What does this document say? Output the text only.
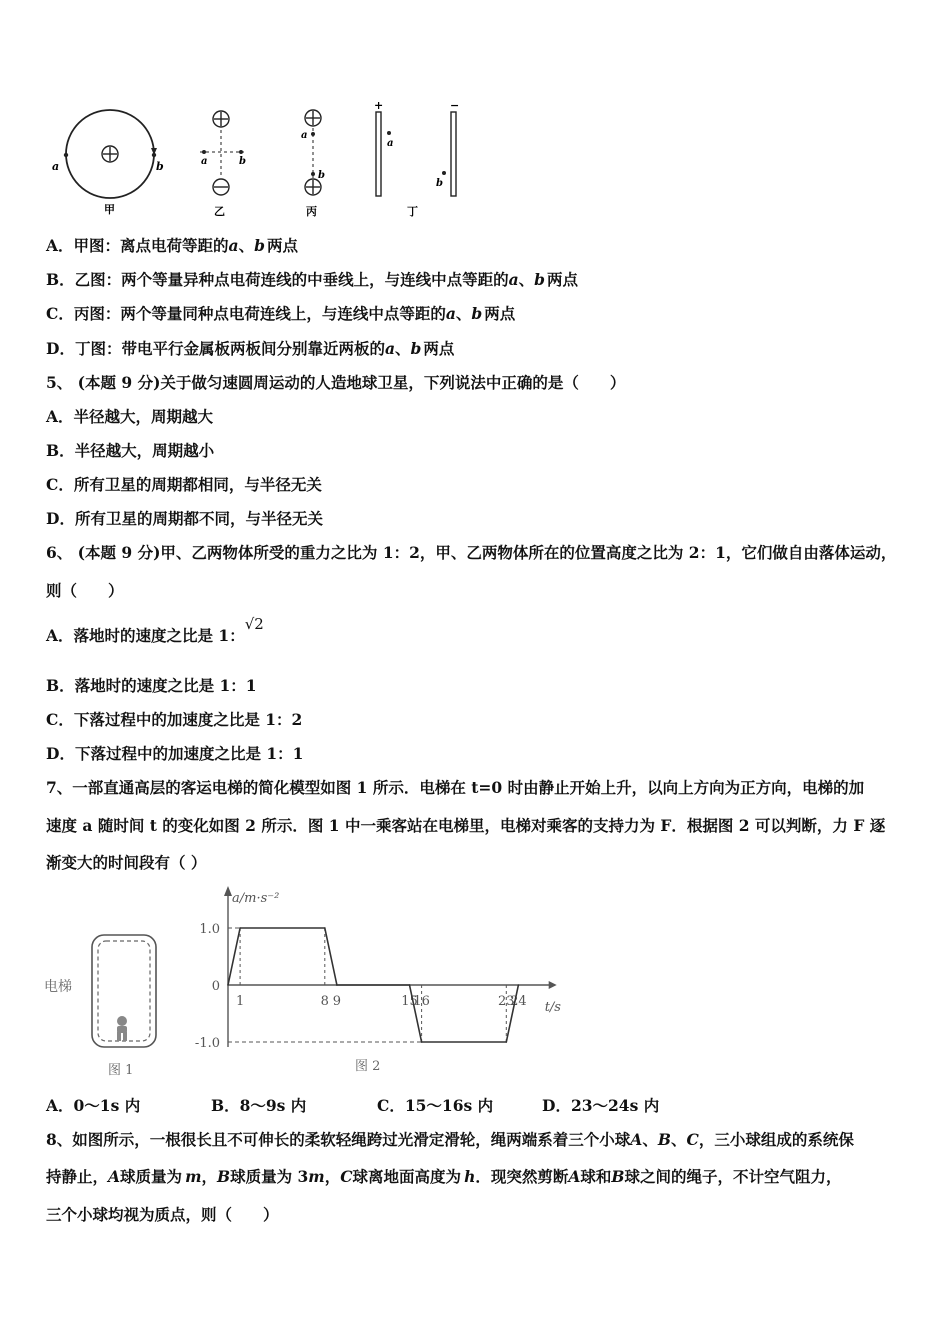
a	b
甲
a	b
乙
a
b
丙
+	−
a
b
丁
A．甲图：离点电荷等距的a、b 两点
B．乙图：两个等量异种点电荷连线的中垂线上，与连线中点等距的a、b 两点
C．丙图：两个等量同种点电荷连线上，与连线中点等距的a、b 两点
D．丁图：带电平行金属板两板间分别靠近两板的a、b 两点
5、 (本题 9 分)关于做匀速圆周运动的人造地球卫星，下列说法中正确的是（　　）
A．半径越大，周期越大
B．半径越大，周期越小
C．所有卫星的周期都相同，与半径无关
D．所有卫星的周期都不同，与半径无关
6、 (本题 9 分)甲、乙两物体所受的重力之比为 1：2，甲、乙两物体所在的位置高度之比为 2：1，它们做自由落体运动，
则（　　）
A．落地时的速度之比是 1：√2
B．落地时的速度之比是 1：1
C．下落过程中的加速度之比是 1：2
D．下落过程中的加速度之比是 1：1
7、一部直通高层的客运电梯的简化模型如图 1 所示．电梯在 t=0 时由静止开始上升，以向上方向为正方向，电梯的加
速度 a 随时间 t 的变化如图 2 所示．图 1 中一乘客站在电梯里，电梯对乘客的支持力为 F．根据图 2 可以判断，力 F 逐
渐变大的时间段有（ ）
电梯
图 1
a/m·s⁻²
t/s
1.0
0
-1.0
1	8 9	15
16	23
24
图 2
A．0～1s 内	B．8～9s 内	C．15～16s 内	D．23～24s 内
8、如图所示，一根很长且不可伸长的柔软轻绳跨过光滑定滑轮，绳两端系着三个小球A、B、C，三小球组成的系统保
持静止，A球质量为 m，B球质量为 3m，C球离地面高度为 h．现突然剪断A球和B球之间的绳子，不计空气阻力，
三个小球均视为质点，则（　　）
